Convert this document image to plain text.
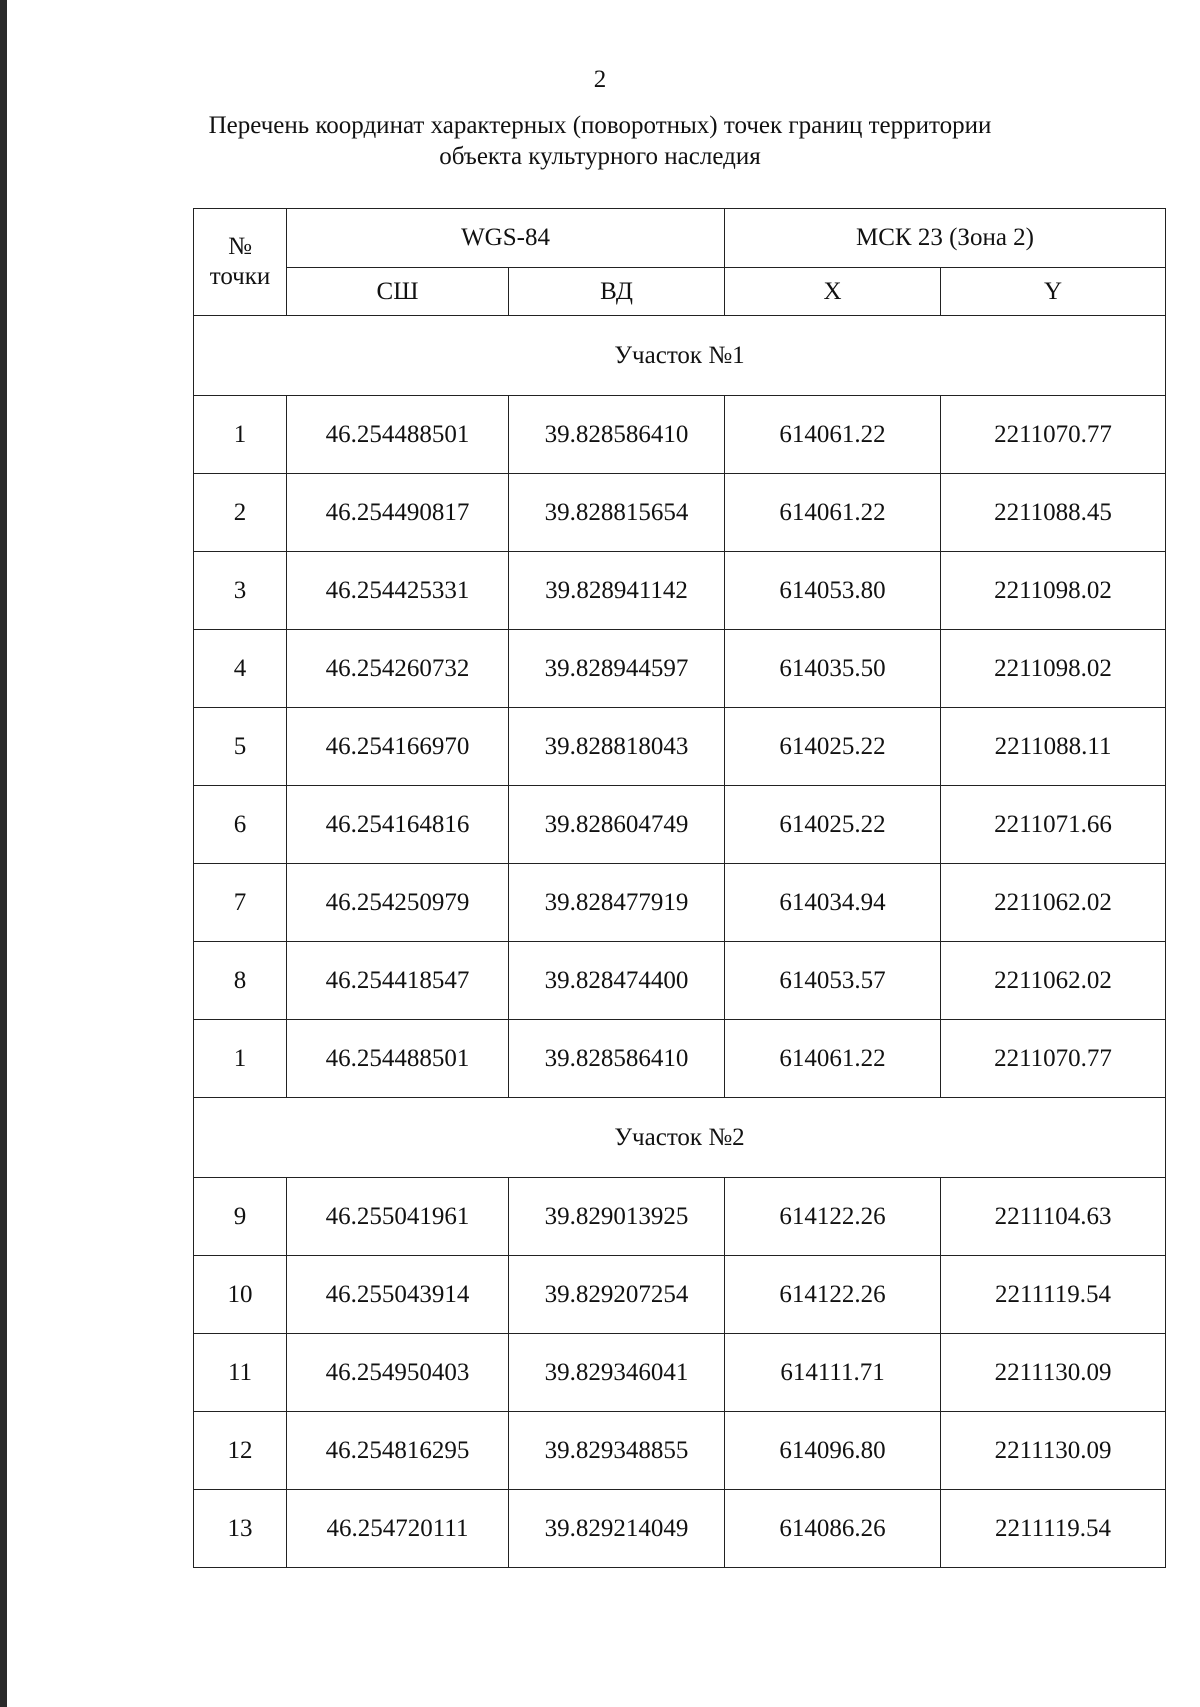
2
Перечень координат характерных (поворотных) точек границ территории
объекта культурного наследия
№
точки	WGS-84		МСК 23 (Зона 2)	
	СШ	ВД	X	Y
Участок №1				
1	46.254488501	39.828586410	614061.22	2211070.77
2	46.254490817	39.828815654	614061.22	2211088.45
3	46.254425331	39.828941142	614053.80	2211098.02
4	46.254260732	39.828944597	614035.50	2211098.02
5	46.254166970	39.828818043	614025.22	2211088.11
6	46.254164816	39.828604749	614025.22	2211071.66
7	46.254250979	39.828477919	614034.94	2211062.02
8	46.254418547	39.828474400	614053.57	2211062.02
1	46.254488501	39.828586410	614061.22	2211070.77
Участок №2				
9	46.255041961	39.829013925	614122.26	2211104.63
10	46.255043914	39.829207254	614122.26	2211119.54
11	46.254950403	39.829346041	614111.71	2211130.09
12	46.254816295	39.829348855	614096.80	2211130.09
13	46.254720111	39.829214049	614086.26	2211119.54
